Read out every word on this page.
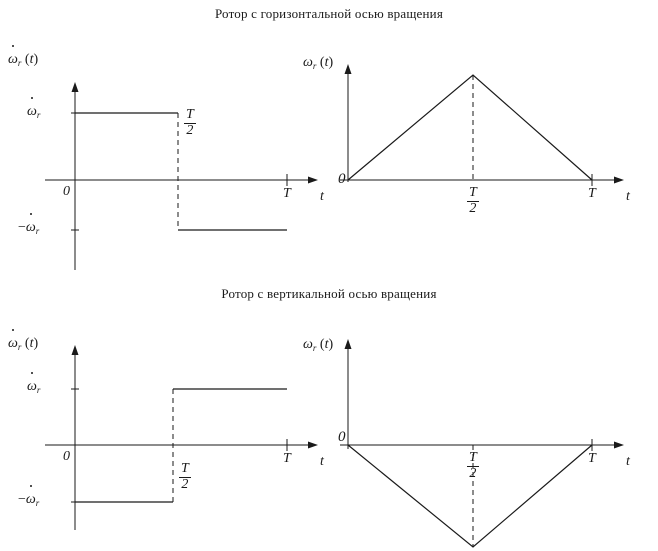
Ротор с горизонтальной осью вращения
ω
$_r$ (t)
ω
$_r$
−ω
$_r$
0
$\frac{T}{2}$
T t
$\omega_r$ (t)
0
$\frac{T}{2}$	T t
Ротор с вертикальной осью вращения
ω
$_r$ (t)
ω
$_r$
−ω
$_r$
0
$\frac{T}{2}$
T t
$\omega_r$ (t)
0
$\frac{T}{2}$	T t
